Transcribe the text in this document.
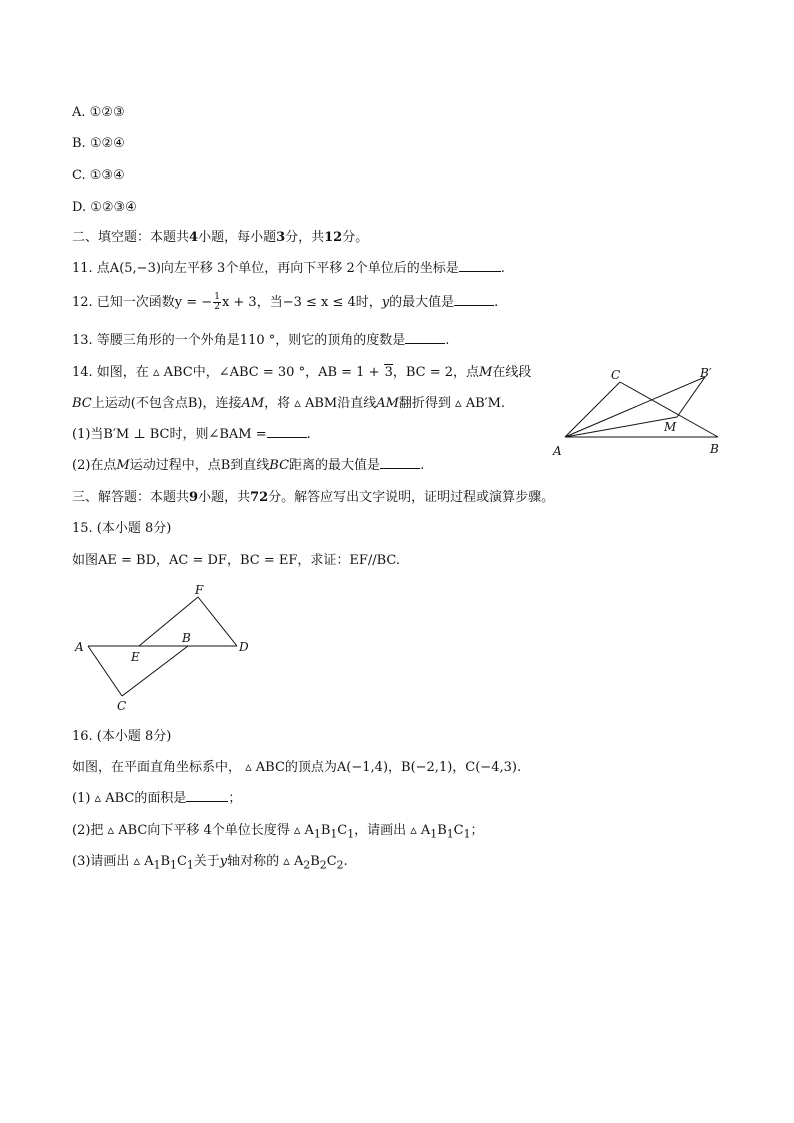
A. ①②③
B. ①②④
C. ①③④
D. ①②③④
二、填空题：本题共4小题，每小题3分，共12分。
11. 点A(5,−3)向左平移 3个单位，再向下平移 2个单位后的坐标是	.
12. 已知一次函数y = − $\frac{1}{2}$ x + 3，当−3 ≤ x ≤ 4时，y的最大值是	.
13. 等腰三角形的一个外角是110 °，则它的顶角的度数是	.
14. 如图，在 ▵ ABC中，∠ABC = 30 °，AB = 1 + 3，BC = 2，点M在线段
BC上运动(不包含点B)，连接AM，将 ▵ ABM沿直线AM翻折得到 ▵ AB′M.
(1)当B′M ⊥ BC时，则∠BAM =	.
(2)在点M运动过程中，点B到直线BC距离的最大值是	.
A	B
C	B′
M
三、解答题：本题共9小题，共72分。解答应写出文字说明，证明过程或演算步骤。
15. (本小题 8分)
如图AE = BD，AC = DF，BC = EF，求证：EF//BC.
A
E
B
D
F
C
16. (本小题 8分)
如图，在平面直角坐标系中， ▵ ABC的顶点为A(−1,4)，B(−2,1)，C(−4,3).
(1) ▵ ABC的面积是	；
(2)把 ▵ ABC向下平移 4个单位长度得 ▵ $A_1B_1C_1$，请画出 ▵ $A_1B_1C_1$；
(3)请画出 ▵ $A_1B_1C_1$关于y轴对称的 ▵ $A_2B_2C_2$.
